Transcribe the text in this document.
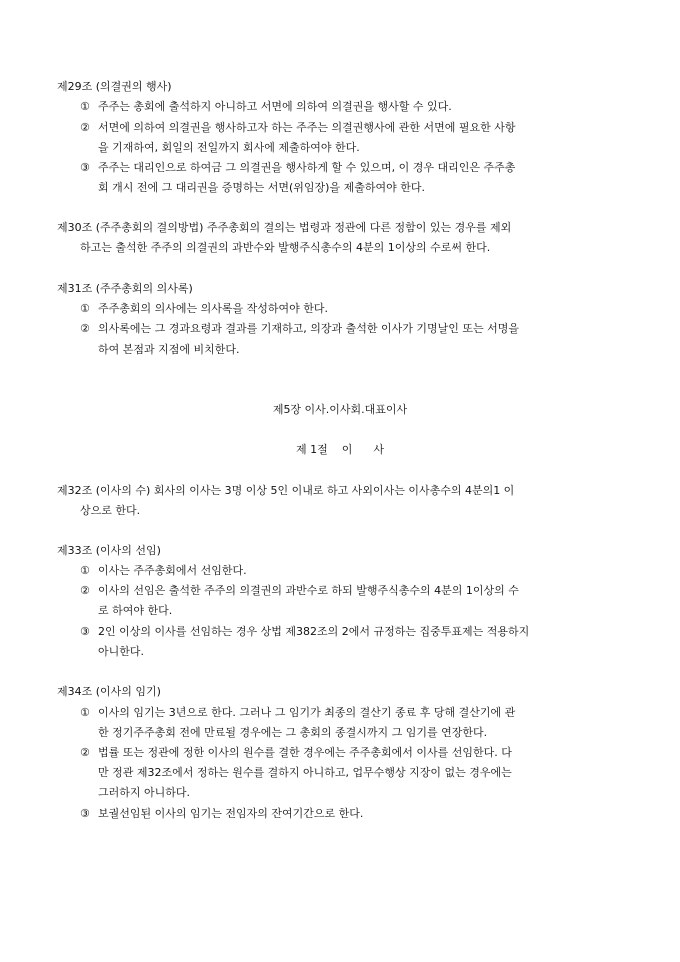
제29조 (의결권의 행사)
① 주주는 총회에 출석하지 아니하고 서면에 의하여 의결권을 행사할 수 있다.
② 서면에 의하여 의결권을 행사하고자 하는 주주는 의결권행사에 관한 서면에 필요한 사항
을 기재하여, 회일의 전일까지 회사에 제출하여야 한다.
③ 주주는 대리인으로 하여금 그 의결권을 행사하게 할 수 있으며, 이 경우 대리인은 주주총
회 개시 전에 그 대리권을 증명하는 서면(위임장)을 제출하여야 한다.
제30조 (주주총회의 결의방법) 주주총회의 결의는 법령과 정관에 다른 정함이 있는 경우를 제외
하고는 출석한 주주의 의결권의 과반수와 발행주식총수의 4분의 1이상의 수로써 한다.
제31조 (주주총회의 의사록)
① 주주총회의 의사에는 의사록을 작성하여야 한다.
② 의사록에는 그 경과요령과 결과를 기재하고, 의장과 출석한 이사가 기명날인 또는 서명을
하여 본점과 지점에 비치한다.
제5장 이사.이사회.대표이사
제 1절    이      사
제32조 (이사의 수) 회사의 이사는 3명 이상 5인 이내로 하고 사외이사는 이사총수의 4분의1 이
상으로 한다.
제33조 (이사의 선임)
① 이사는 주주총회에서 선임한다.
② 이사의 선임은 출석한 주주의 의결권의 과반수로 하되 발행주식총수의 4분의 1이상의 수
로 하여야 한다.
③ 2인 이상의 이사를 선임하는 경우 상법 제382조의 2에서 규정하는 집중투표제는 적용하지
아니한다.
제34조 (이사의 임기)
① 이사의 임기는 3년으로 한다. 그러나 그 임기가 최종의 결산기 종료 후 당해 결산기에 관
한 정기주주총회 전에 만료될 경우에는 그 총회의 종결시까지 그 임기를 연장한다.
② 법률 또는 정관에 정한 이사의 원수를 결한 경우에는 주주총회에서 이사를 선임한다. 다
만 정관 제32조에서 정하는 원수를 결하지 아니하고, 업무수행상 지장이 없는 경우에는
그러하지 아니하다.
③ 보궐선임된 이사의 임기는 전임자의 잔여기간으로 한다.
